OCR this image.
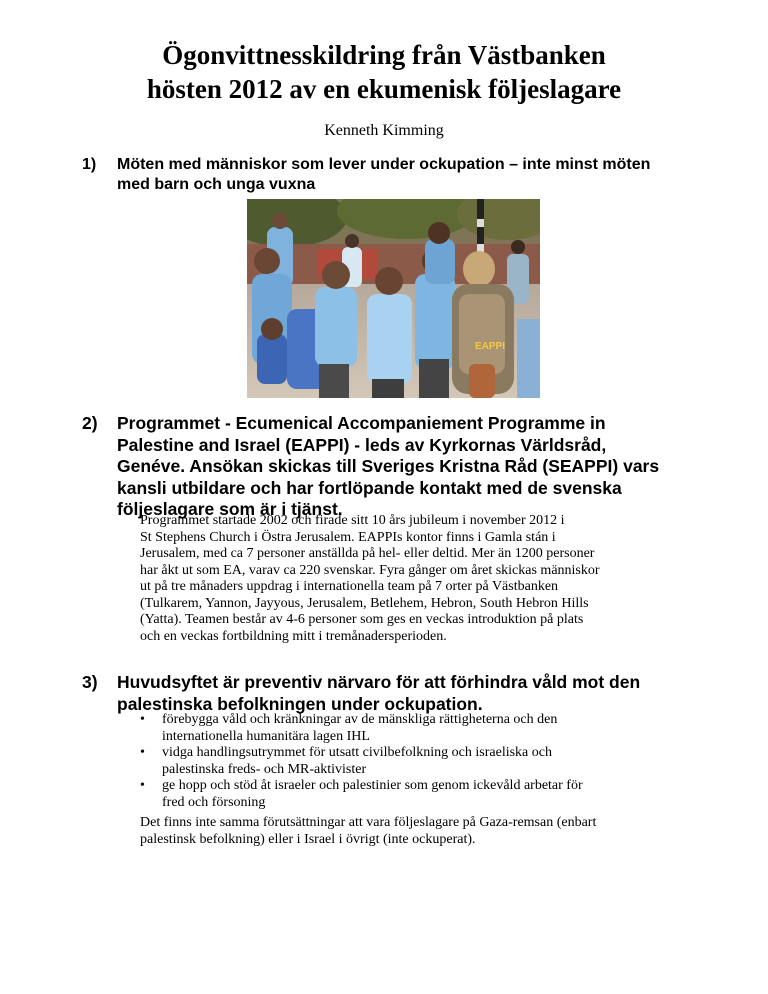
Ögonvittnesskildring från Västbanken
hösten 2012 av en ekumenisk följeslagare

Kenneth Kimming

1) Möten med människor som lever under ockupation – inte minst möten med barn och unga vuxna
EAPPI
2) Programmet - Ecumenical Accompaniement Programme in Palestine and Israel (EAPPI) - leds av Kyrkornas Världsråd, Genéve. Ansökan skickas till Sveriges Kristna Råd (SEAPPI) vars kansli utbildare och har fortlöpande kontakt med de svenska följeslagare som är i tjänst.
Programmet startade 2002 och firade sitt 10 års jubileum i november 2012 i
St Stephens Church i Östra Jerusalem. EAPPIs kontor finns i Gamla stán i
Jerusalem, med ca 7 personer anställda på hel- eller deltid. Mer än 1200 personer
har åkt ut som EA, varav ca 220 svenskar. Fyra gånger om året skickas människor
ut på tre månaders uppdrag i internationella team på 7 orter på Västbanken
(Tulkarem, Yannon, Jayyous, Jerusalem, Betlehem, Hebron, South Hebron Hills
(Yatta). Teamen består av 4-6 personer som ges en veckas introduktion på plats
och en veckas fortbildning mitt i tremånadersperioden.
3) Huvudsyftet är preventiv närvaro för att förhindra våld mot den palestinska befolkningen under ockupation.
• förebygga våld och kränkningar av de mänskliga rättigheterna och den
internationella humanitära lagen IHL
• vidga handlingsutrymmet för utsatt civilbefolkning och israeliska och
palestinska freds- och MR-aktivister
• ge hopp och stöd åt israeler och palestinier som genom ickevåld arbetar för
fred och försoning
Det finns inte samma förutsättningar att vara följeslagare på Gaza-remsan (enbart
palestinsk befolkning) eller i Israel i övrigt (inte ockuperat).
